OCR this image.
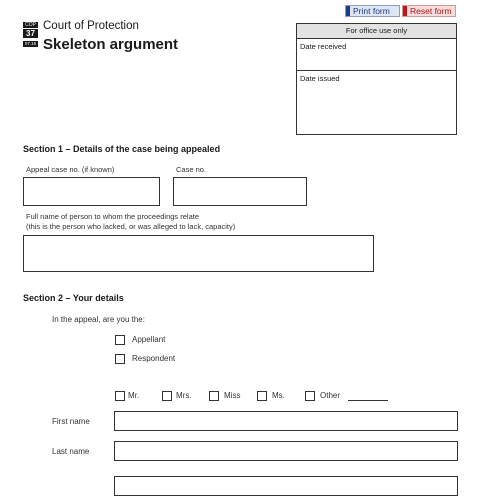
Print form	Reset form
COP
37
07.15
Court of Protection
Skeleton argument
For office use only
Date received
Date issued
Section 1 – Details of the case being appealed
Appeal case no. (if known)	Case no.
Full name of person to whom the proceedings relate
(this is the person who lacked, or was alleged to lack, capacity)
Section 2 – Your details
In the appeal, are you the:
Appellant
Respondent
Mr.	Mrs.	Miss	Ms.	Other
First name
Last name
